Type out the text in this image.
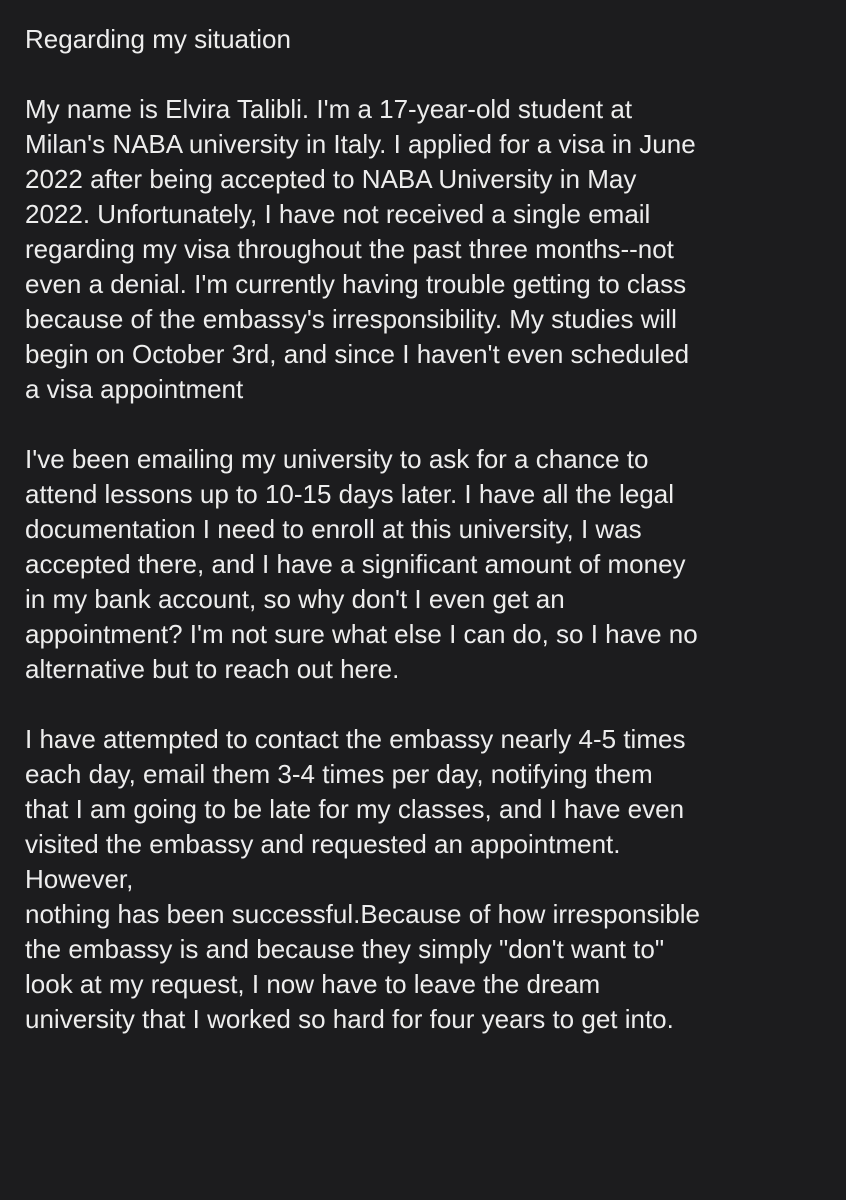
Regarding my situation
My name is Elvira Talibli. I'm a 17-year-old student at
Milan's NABA university in Italy. I applied for a visa in June
2022 after being accepted to NABA University in May
2022. Unfortunately, I have not received a single email
regarding my visa throughout the past three months--not
even a denial. I'm currently having trouble getting to class
because of the embassy's irresponsibility. My studies will
begin on October 3rd, and since I haven't even scheduled
a visa appointment
I've been emailing my university to ask for a chance to
attend lessons up to 10-15 days later. I have all the legal
documentation I need to enroll at this university, I was
accepted there, and I have a significant amount of money
in my bank account, so why don't I even get an
appointment? I'm not sure what else I can do, so I have no
alternative but to reach out here.
I have attempted to contact the embassy nearly 4-5 times
each day, email them 3-4 times per day, notifying them
that I am going to be late for my classes, and I have even
visited the embassy and requested an appointment.
However,
nothing has been successful.Because of how irresponsible
the embassy is and because they simply "don't want to"
look at my request, I now have to leave the dream
university that I worked so hard for four years to get into.
